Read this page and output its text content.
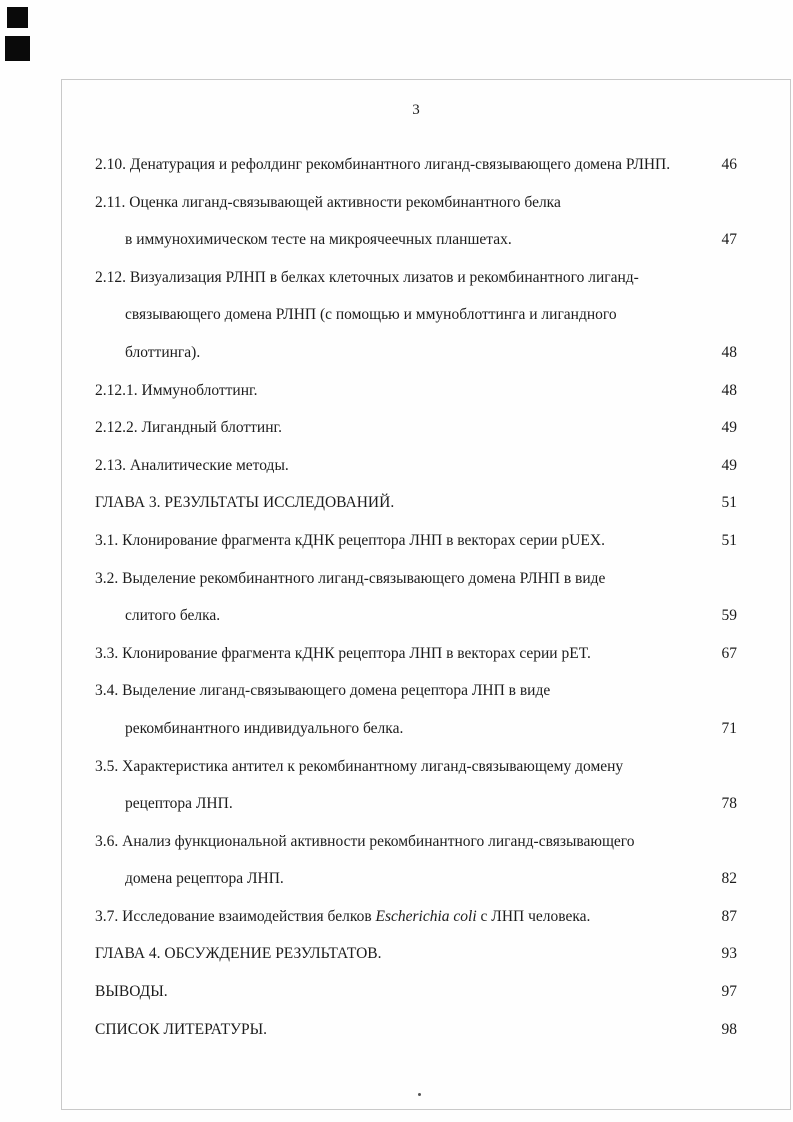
3
2.10. Денатурация и рефолдинг рекомбинантного лиганд-связывающего домена РЛНП.	46
2.11. Оценка лиганд-связывающей активности рекомбинантного белка
в иммунохимическом тесте на микроячеечных планшетах.	47
2.12. Визуализация РЛНП в белках клеточных лизатов и рекомбинантного лиганд-
связывающего домена РЛНП (с помощью и ммуноблоттинга и лигандного
блоттинга).	48
2.12.1. Иммуноблоттинг.	48
2.12.2. Лигандный блоттинг.	49
2.13. Аналитические методы.	49
ГЛАВА 3. РЕЗУЛЬТАТЫ ИССЛЕДОВАНИЙ.	51
3.1. Клонирование фрагмента кДНК рецептора ЛНП в векторах серии pUEX.	51
3.2. Выделение рекомбинантного лиганд-связывающего домена РЛНП в виде
слитого белка.	59
3.3. Клонирование фрагмента кДНК рецептора ЛНП в векторах серии pET.	67
3.4. Выделение лиганд-связывающего домена рецептора ЛНП в виде
рекомбинантного индивидуального белка.	71
3.5. Характеристика антител к рекомбинантному лиганд-связывающему домену
рецептора ЛНП.	78
3.6. Анализ функциональной активности рекомбинантного лиганд-связывающего
домена рецептора ЛНП.	82
3.7. Исследование взаимодействия белков Escherichia coli с ЛНП человека.	87
ГЛАВА 4. ОБСУЖДЕНИЕ РЕЗУЛЬТАТОВ.	93
ВЫВОДЫ.	97
СПИСОК ЛИТЕРАТУРЫ.	98
